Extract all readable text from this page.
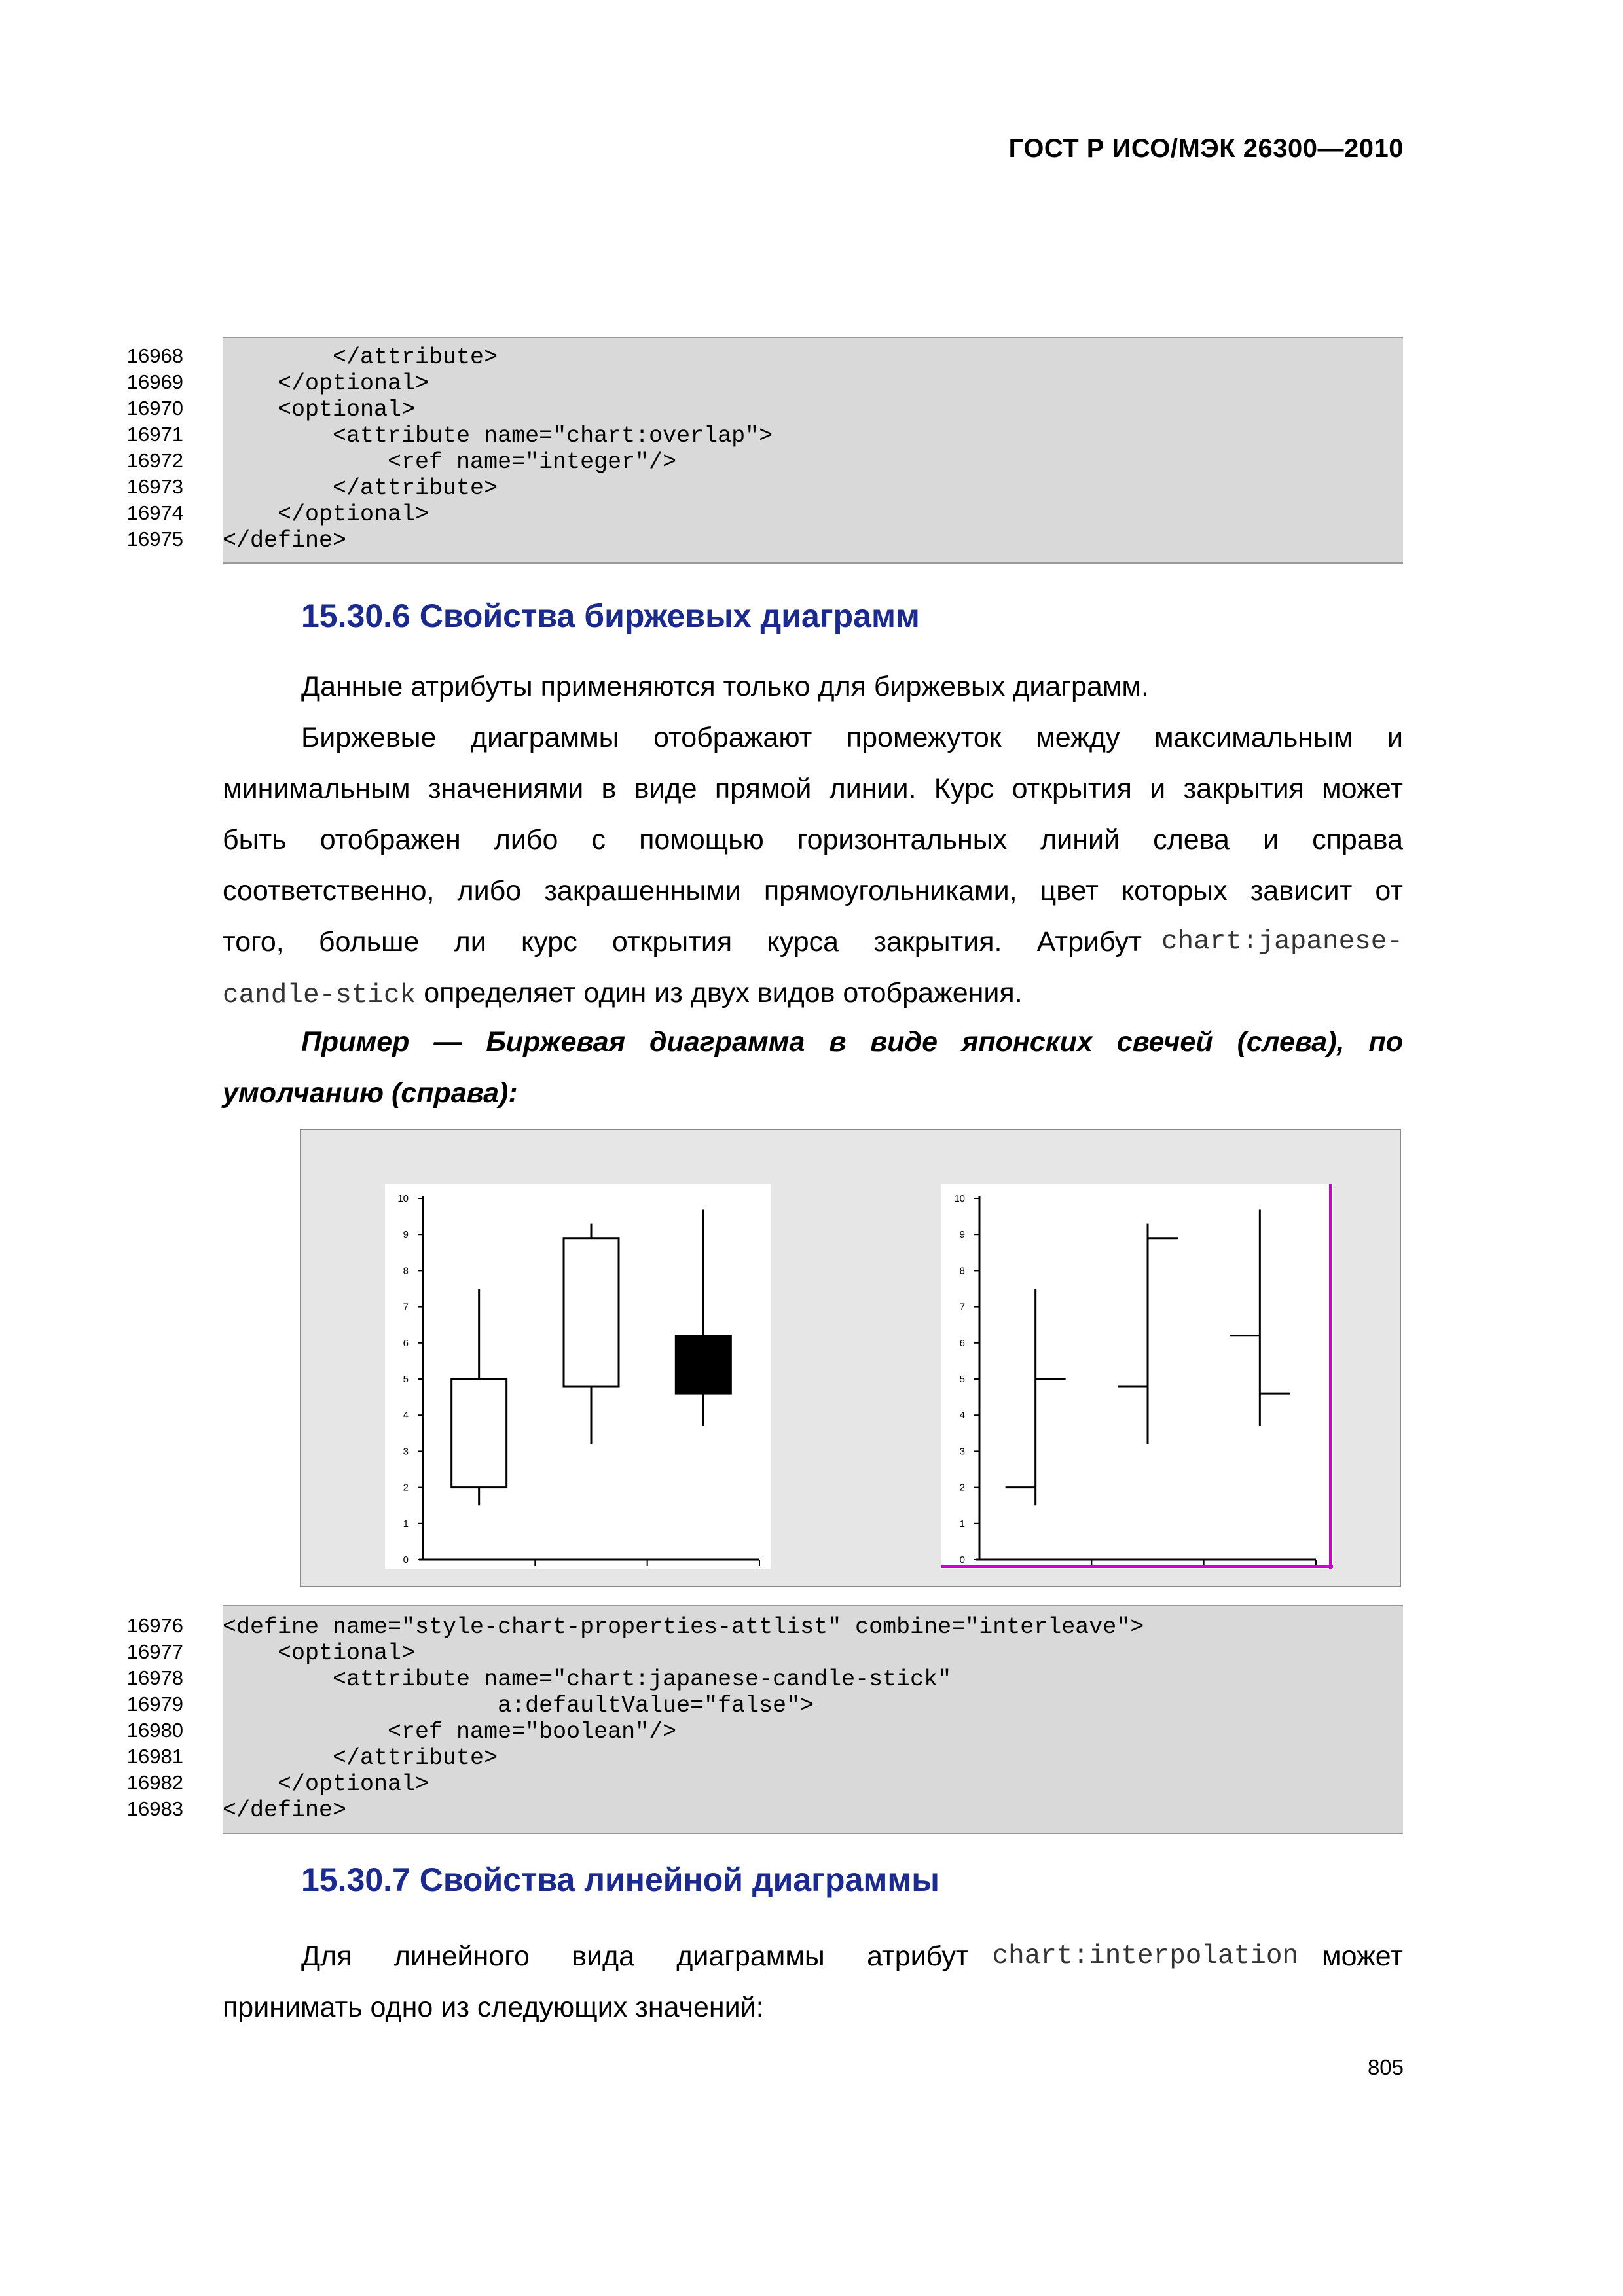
ГОСТ Р ИСО/МЭК 26300—2010
16968
16969
16970
16971
16972
16973
16974
16975
</attribute>
</optional>
<optional>
<attribute name="chart:overlap">
<ref name="integer"/>
</attribute>
</optional>
</define>
15.30.6 Свойства биржевых диаграмм
Данные атрибуты применяются только для биржевых диаграмм.
Биржевые диаграммы отображают промежуток между максимальным и
минимальным значениями в виде прямой линии. Курс открытия и закрытия может
быть отображен либо с помощью горизонтальных линий слева и справа
соответственно, либо закрашенными прямоугольниками, цвет которых зависит от
того, больше ли курс открытия курса закрытия. Атрибут chart:japanese-
candle-stick определяет один из двух видов отображения.
Пример — Биржевая диаграмма в виде японских свечей (слева), по
умолчанию (справа):
0
1
2
3
4
5
6
7
8
9
10
0
1
2
3
4
5
6
7
8
9
10
16976
16977
16978
16979
16980
16981
16982
16983
<define name="style-chart-properties-attlist" combine="interleave">
<optional>
<attribute name="chart:japanese-candle-stick"
a:defaultValue="false">
<ref name="boolean"/>
</attribute>
</optional>
</define>
15.30.7 Свойства линейной диаграммы
Для линейного вида диаграммы атрибут chart:interpolation может
принимать одно из следующих значений:
805
